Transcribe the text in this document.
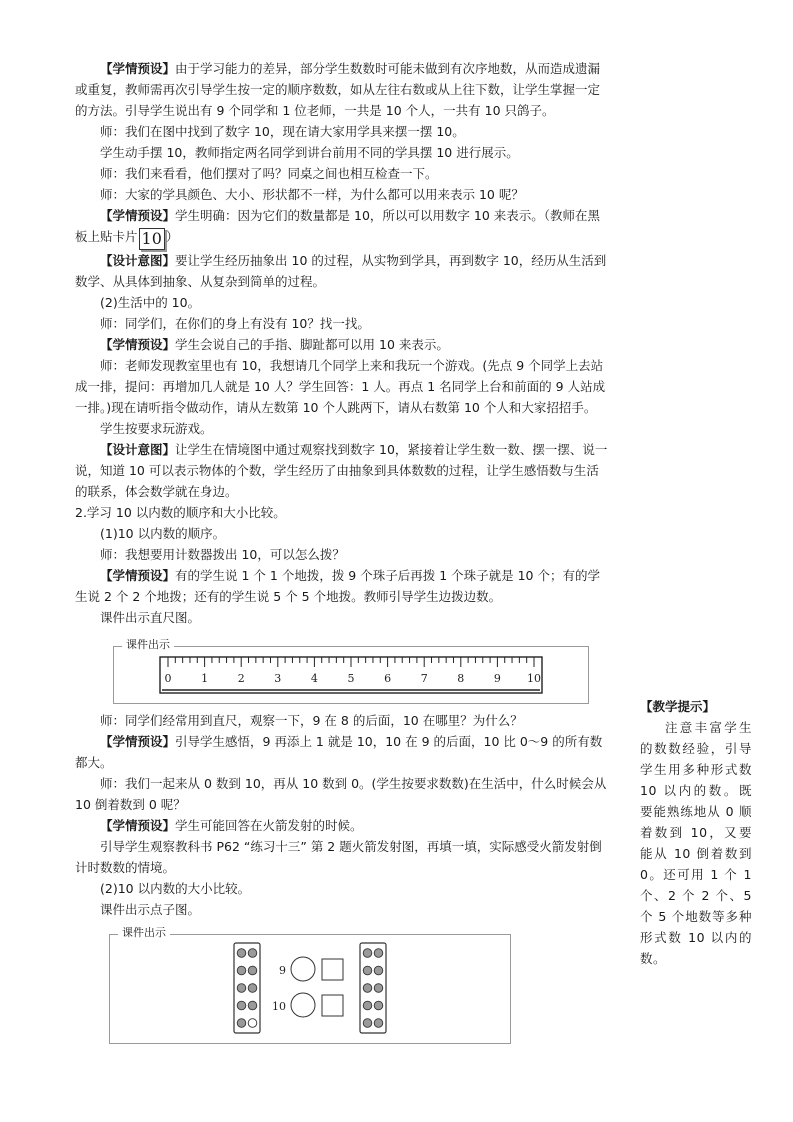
【学情预设】由于学习能力的差异，部分学生数数时可能未做到有次序地数，从而造成遗漏或重复，教师需再次引导学生按一定的顺序数数，如从左往右数或从上往下数，让学生掌握一定的方法。引导学生说出有 9 个同学和 1 位老师，一共是 10 个人，一共有 10 只鸽子。

师：我们在图中找到了数字 10，现在请大家用学具来摆一摆 10。

学生动手摆 10，教师指定两名同学到讲台前用不同的学具摆 10 进行展示。

师：我们来看看，他们摆对了吗？同桌之间也相互检查一下。

师：大家的学具颜色、大小、形状都不一样，为什么都可以用来表示 10 呢？

【学情预设】学生明确：因为它们的数量都是 10，所以可以用数字 10 来表示。（教师在黑板上贴卡片 10 ）

【设计意图】要让学生经历抽象出 10 的过程，从实物到学具，再到数字 10，经历从生活到数学、从具体到抽象、从复杂到简单的过程。

(2)生活中的 10。

师：同学们，在你们的身上有没有 10？找一找。

【学情预设】学生会说自己的手指、脚趾都可以用 10 来表示。

师：老师发现教室里也有 10，我想请几个同学上来和我玩一个游戏。(先点 9 个同学上去站成一排，提问：再增加几人就是 10 人？学生回答：1 人。再点 1 名同学上台和前面的 9 人站成一排。)现在请听指令做动作，请从左数第 10 个人跳两下，请从右数第 10 个人和大家招招手。

学生按要求玩游戏。

【设计意图】让学生在情境图中通过观察找到数字 10，紧接着让学生数一数、摆一摆、说一说，知道 10 可以表示物体的个数，学生经历了由抽象到具体数数的过程，让学生感悟数与生活的联系，体会数学就在身边。

2.学习 10 以内数的顺序和大小比较。

(1)10 以内数的顺序。

师：我想要用计数器拨出 10，可以怎么拨？

【学情预设】有的学生说 1 个 1 个地拨，拨 9 个珠子后再拨 1 个珠子就是 10 个；有的学生说 2 个 2 个地拨；还有的学生说 5 个 5 个地拨。教师引导学生边拨边数。

课件出示直尺图。

课件出示
0	1	2	3	4	5	6	7	8	9 10

师：同学们经常用到直尺，观察一下，9 在 8 的后面，10 在哪里？为什么？

【学情预设】引导学生感悟，9 再添上 1 就是 10，10 在 9 的后面，10 比 0～9 的所有数都大。

师：我们一起来从 0 数到 10，再从 10 数到 0。(学生按要求数数)在生活中，什么时候会从 10 倒着数到 0 呢？

【学情预设】学生可能回答在火箭发射的时候。

引导学生观察教科书 P62 “练习十三” 第 2 题火箭发射图，再填一填，实际感受火箭发射倒计时数数的情境。

(2)10 以内数的大小比较。

课件出示点子图。

课件出示
9
10

【教学提示】

注意丰富学生的数数经验，引导学生用多种形式数 10 以内的数。既要能熟练地从 0 顺着数到 10，又要能从 10 倒着数到 0。还可用 1 个 1 个、2 个 2 个、5 个 5 个地数等多种形式数 10 以内的数。
